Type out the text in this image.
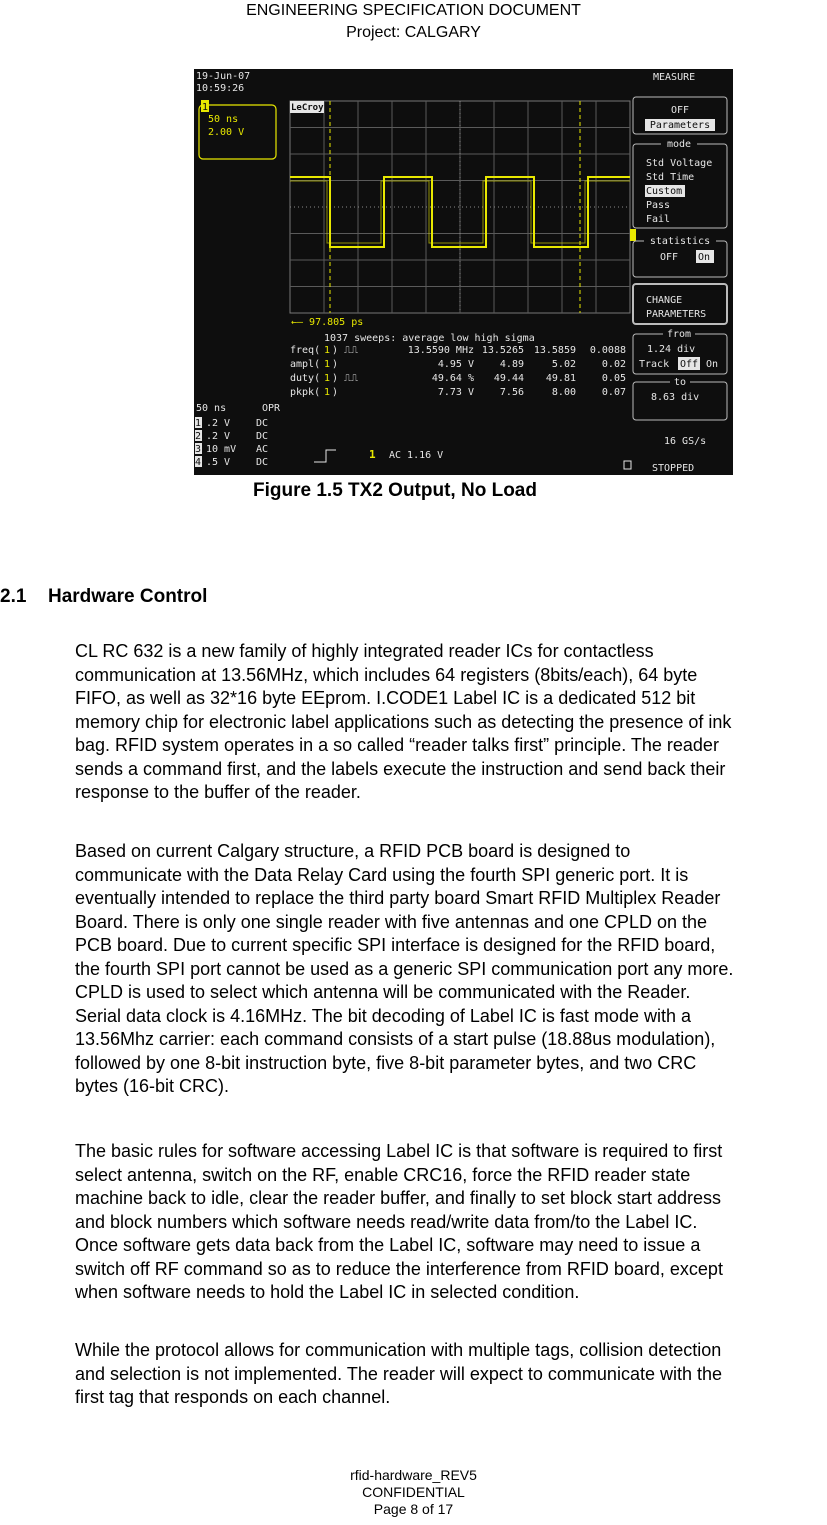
ENGINEERING SPECIFICATION DOCUMENT
Project: CALGARY
19-Jun-07
10:59:26
MEASURE
1
50 ns
2.00 V
LeCroy
←— 97.805 ps
1037 sweeps: average low high sigma
freq( 1 ) ⎍⎍	13.5590 MHz 13.5265 13.5859 0.0088
ampl( 1 )	4.95 V	4.89	5.02	0.02
duty( 1 ) ⎍⎍	49.64 % 49.44 49.81	0.05
pkpk( 1 )	7.73 V	7.56	8.00	0.07
50 ns	OPR
1 .2 V	DC
2 .2 V	DC
3 10 mV AC
4 .5 V	DC
1 AC 1.16 V
OFF
Parameters
mode
Std Voltage
Std Time
Custom
Pass
Fail
statistics
OFF On
CHANGE
PARAMETERS
from
1.24 div
Track Off On
to
8.63 div
16 GS/s
STOPPED
Figure 1.5 TX2 Output, No Load
2.1 Hardware Control
CL RC 632 is a new family of highly integrated reader ICs for contactless
communication at 13.56MHz, which includes 64 registers (8bits/each), 64 byte
FIFO, as well as 32*16 byte EEprom. I.CODE1 Label IC is a dedicated 512 bit
memory chip for electronic label applications such as detecting the presence of ink
bag. RFID system operates in a so called “reader talks first” principle. The reader
sends a command first, and the labels execute the instruction and send back their
response to the buffer of the reader.
Based on current Calgary structure, a RFID PCB board is designed to
communicate with the Data Relay Card using the fourth SPI generic port. It is
eventually intended to replace the third party board Smart RFID Multiplex Reader
Board. There is only one single reader with five antennas and one CPLD on the
PCB board. Due to current specific SPI interface is designed for the RFID board,
the fourth SPI port cannot be used as a generic SPI communication port any more.
CPLD is used to select which antenna will be communicated with the Reader.
Serial data clock is 4.16MHz. The bit decoding of Label IC is fast mode with a
13.56Mhz carrier: each command consists of a start pulse (18.88us modulation),
followed by one 8-bit instruction byte, five 8-bit parameter bytes, and two CRC
bytes (16-bit CRC).
The basic rules for software accessing Label IC is that software is required to first
select antenna, switch on the RF, enable CRC16, force the RFID reader state
machine back to idle, clear the reader buffer, and finally to set block start address
and block numbers which software needs read/write data from/to the Label IC.
Once software gets data back from the Label IC, software may need to issue a
switch off RF command so as to reduce the interference from RFID board, except
when software needs to hold the Label IC in selected condition.
While the protocol allows for communication with multiple tags, collision detection
and selection is not implemented. The reader will expect to communicate with the
first tag that responds on each channel.
rfid-hardware_REV5
CONFIDENTIAL
Page 8 of 17
